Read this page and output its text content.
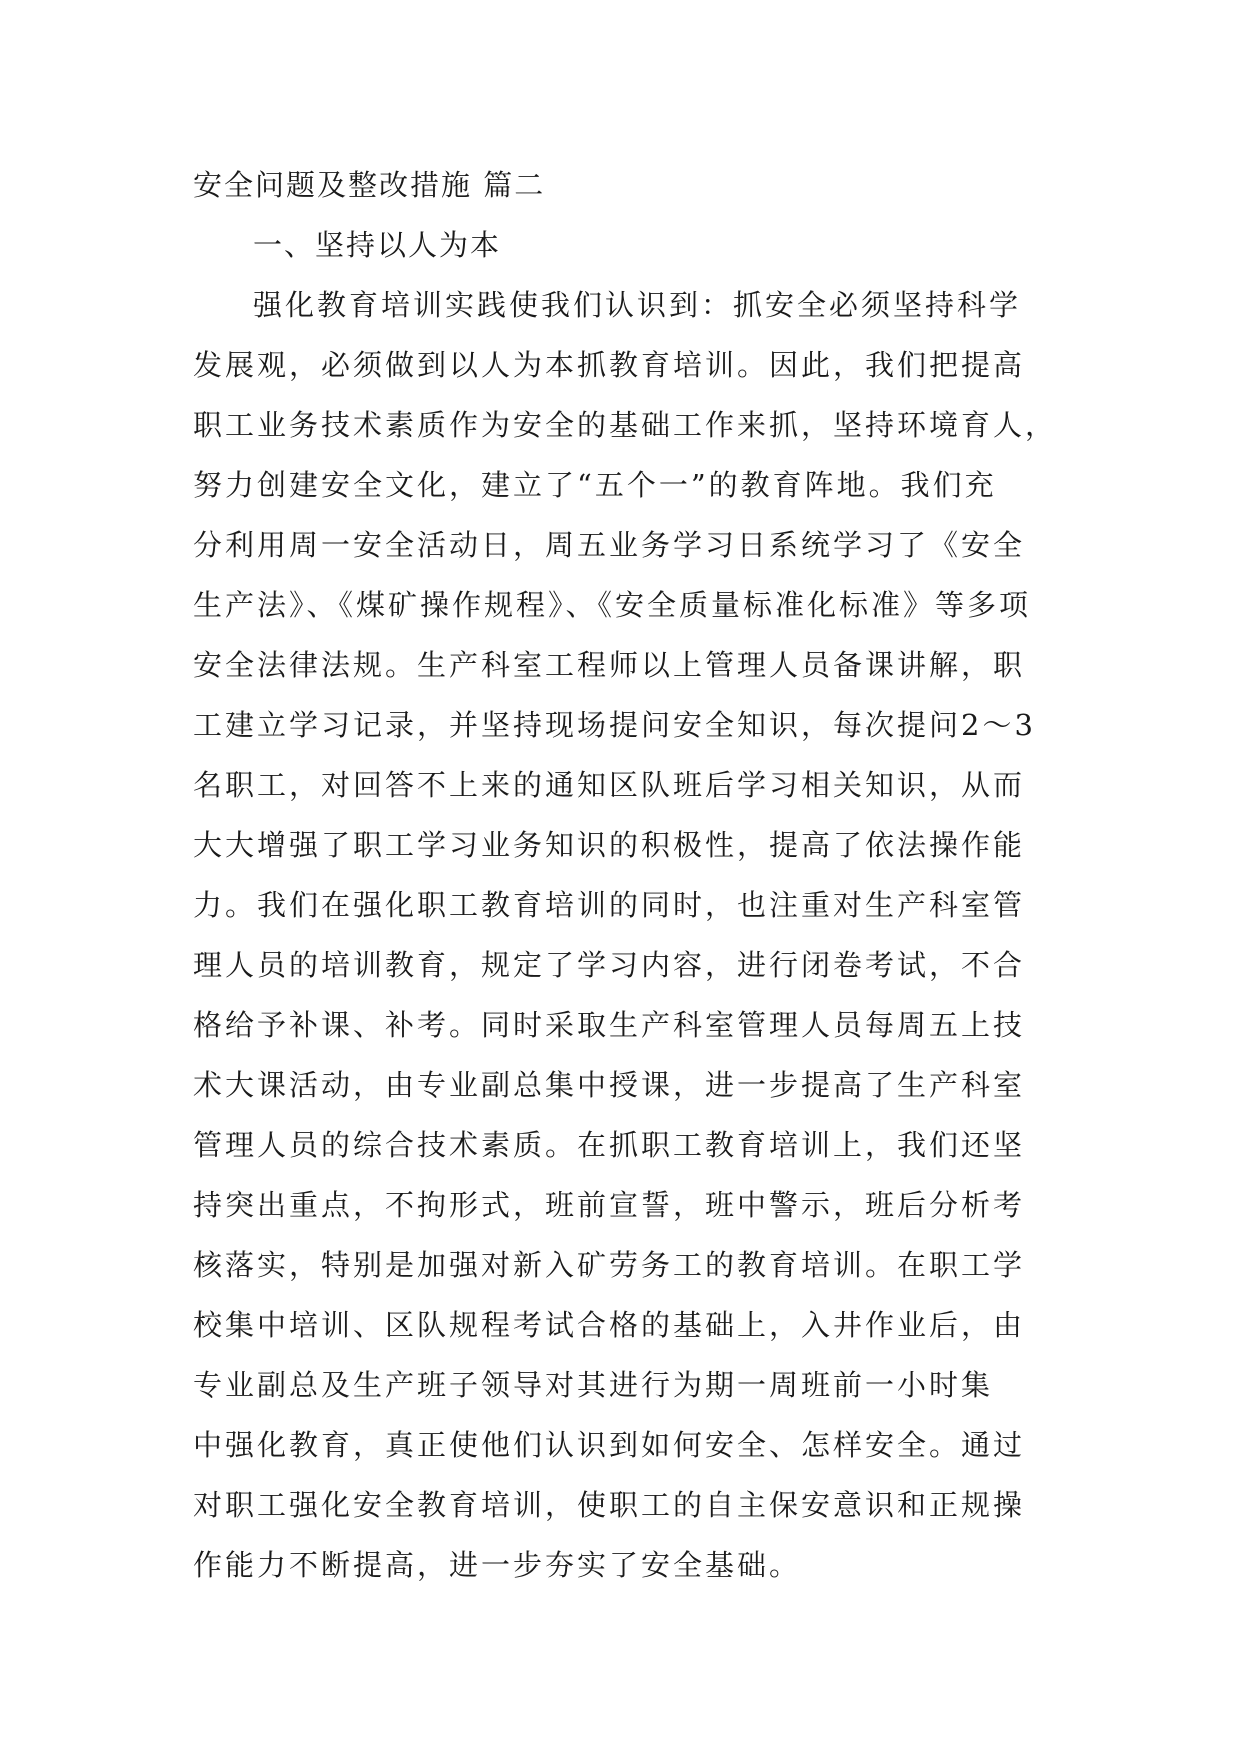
安全问题及整改措施 篇二
一、坚持以人为本
强化教育培训实践使我们认识到：抓安全必须坚持科学
发展观，必须做到以人为本抓教育培训。因此，我们把提高
职工业务技术素质作为安全的基础工作来抓，坚持环境育人，
努力创建安全文化，建立了“五个一”的教育阵地。我们充
分利用周一安全活动日，周五业务学习日系统学习了《安全
生产法》、《煤矿操作规程》、《安全质量标准化标准》等多项
安全法律法规。生产科室工程师以上管理人员备课讲解，职
工建立学习记录，并坚持现场提问安全知识，每次提问2～3
名职工，对回答不上来的通知区队班后学习相关知识，从而
大大增强了职工学习业务知识的积极性，提高了依法操作能
力。我们在强化职工教育培训的同时，也注重对生产科室管
理人员的培训教育，规定了学习内容，进行闭卷考试，不合
格给予补课、补考。同时采取生产科室管理人员每周五上技
术大课活动，由专业副总集中授课，进一步提高了生产科室
管理人员的综合技术素质。在抓职工教育培训上，我们还坚
持突出重点，不拘形式，班前宣誓，班中警示，班后分析考
核落实，特别是加强对新入矿劳务工的教育培训。在职工学
校集中培训、区队规程考试合格的基础上，入井作业后，由
专业副总及生产班子领导对其进行为期一周班前一小时集
中强化教育，真正使他们认识到如何安全、怎样安全。通过
对职工强化安全教育培训，使职工的自主保安意识和正规操
作能力不断提高，进一步夯实了安全基础。
